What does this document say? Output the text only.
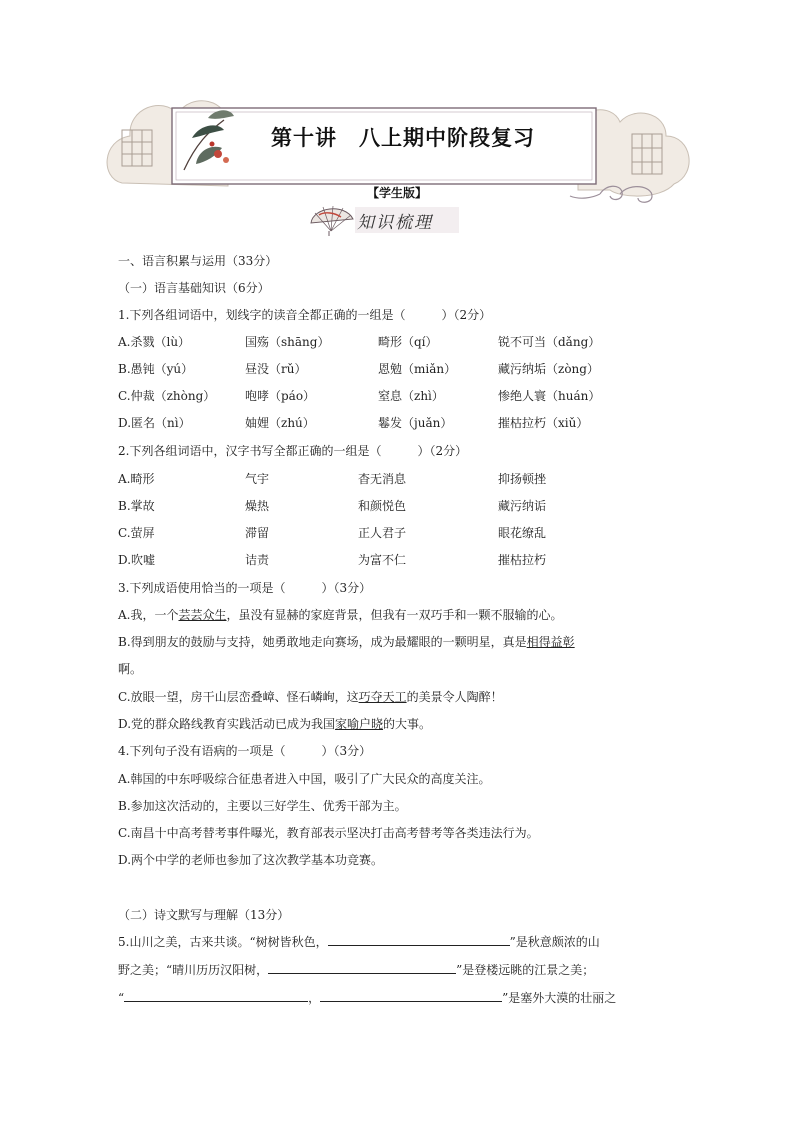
第十讲　八上期中阶段复习
【学生版】
知识梳理
一、语言积累与运用（33分）
（一）语言基础知识（6分）
1.下列各组词语中，划线字的读音全都正确的一组是（　　　）（2分）
A.杀戮（lù）	国殇（shāng）	畸形（qí）	锐不可当（dǎng）
B.愚钝（yú）	昼没（rǔ）	恩勉（miǎn）	藏污纳垢（zòng）
C.仲裁（zhòng） 咆哮（páo）	窒息（zhì）	惨绝人寰（huán）
D.匿名（nì）	妯娌（zhú）	鬈发（juǎn）	摧枯拉朽（xiǔ）
2.下列各组词语中，汉字书写全都正确的一组是（　　　）（2分）
A.畸形	气宇	杳无消息	抑扬顿挫
B.掌故	燥热	和颜悦色	藏污纳诟
C.萤屏	滞留	正人君子	眼花缭乱
D.吹嘘	诘责	为富不仁	摧枯拉朽
3.下列成语使用恰当的一项是（　　　）（3分）
A.我，一个芸芸众生，虽没有显赫的家庭背景，但我有一双巧手和一颗不服输的心。
B.得到朋友的鼓励与支持，她勇敢地走向赛场，成为最耀眼的一颗明星，真是相得益彰
啊。
C.放眼一望，房干山层峦叠嶂、怪石嶙峋，这巧夺天工的美景令人陶醉！
D.党的群众路线教育实践活动已成为我国家喻户晓的大事。
4.下列句子没有语病的一项是（　　　）（3分）
A.韩国的中东呼吸综合征患者进入中国，吸引了广大民众的高度关注。
B.参加这次活动的，主要以三好学生、优秀干部为主。
C.南昌十中高考替考事件曝光，教育部表示坚决打击高考替考等各类违法行为。
D.两个中学的老师也参加了这次教学基本功竞赛。
（二）诗文默写与理解（13分）
5.山川之美，古来共谈。“树树皆秋色，	”是秋意颇浓的山
野之美；“晴川历历汉阳树，	”是登楼远眺的江景之美；
“	，	”是塞外大漠的壮丽之
